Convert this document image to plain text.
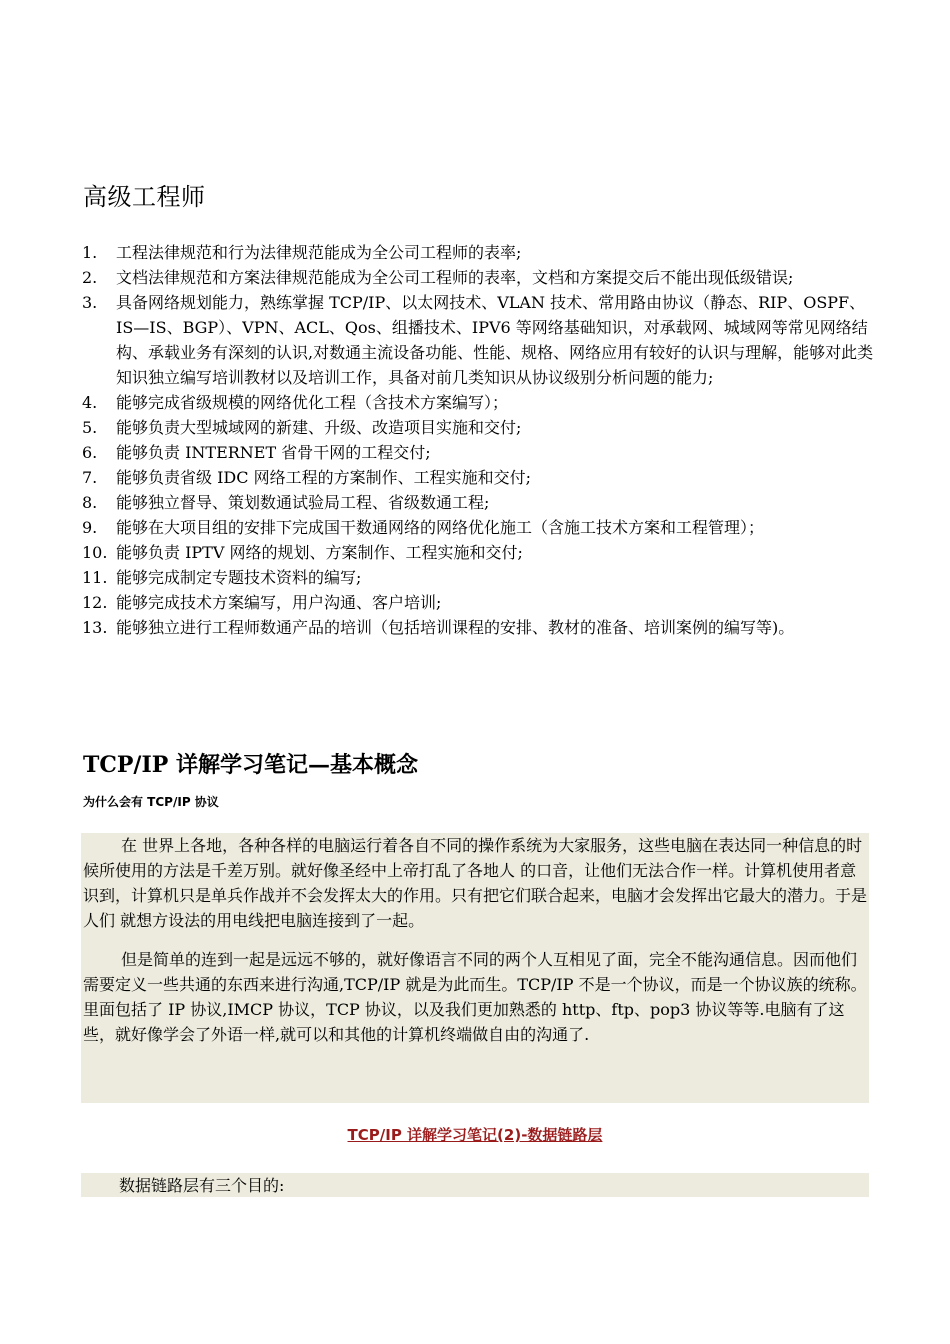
高级工程师
1. 工程法律规范和行为法律规范能成为全公司工程师的表率;
2. 文档法律规范和方案法律规范能成为全公司工程师的表率，文档和方案提交后不能出现低级错误;
3. 具备网络规划能力，熟练掌握 TCP/IP、以太网技术、VLAN 技术、常用路由协议（静态、RIP、OSPF、IS—IS、BGP）、VPN、ACL、Qos、组播技术、IPV6 等网络基础知识，对承载网、城域网等常见网络结构、承载业务有深刻的认识,对数通主流设备功能、性能、规格、网络应用有较好的认识与理解，能够对此类知识独立编写培训教材以及培训工作，具备对前几类知识从协议级别分析问题的能力;
4. 能够完成省级规模的网络优化工程（含技术方案编写）；
5. 能够负责大型城域网的新建、升级、改造项目实施和交付;
6. 能够负责 INTERNET 省骨干网的工程交付;
7. 能够负责省级 IDC 网络工程的方案制作、工程实施和交付;
8. 能够独立督导、策划数通试验局工程、省级数通工程;
9. 能够在大项目组的安排下完成国干数通网络的网络优化施工（含施工技术方案和工程管理）；
10. 能够负责 IPTV 网络的规划、方案制作、工程实施和交付;
11. 能够完成制定专题技术资料的编写;
12. 能够完成技术方案编写，用户沟通、客户培训;
13. 能够独立进行工程师数通产品的培训（包括培训课程的安排、教材的准备、培训案例的编写等)。
TCP/IP 详解学习笔记—基本概念
为什么会有 TCP/IP 协议

在 世界上各地，各种各样的电脑运行着各自不同的操作系统为大家服务，这些电脑在表达同一种信息的时候所使用的方法是千差万别。就好像圣经中上帝打乱了各地人 的口音，让他们无法合作一样。计算机使用者意识到，计算机只是单兵作战并不会发挥太大的作用。只有把它们联合起来，电脑才会发挥出它最大的潜力。于是人们 就想方设法的用电线把电脑连接到了一起。

但是简单的连到一起是远远不够的，就好像语言不同的两个人互相见了面，完全不能沟通信息。因而他们需要定义一些共通的东西来进行沟通,TCP/IP 就是为此而生。TCP/IP 不是一个协议，而是一个协议族的统称。里面包括了 IP 协议,IMCP 协议，TCP 协议，以及我们更加熟悉的 http、ftp、pop3 协议等等.电脑有了这些，就好像学会了外语一样,就可以和其他的计算机终端做自由的沟通了.

TCP/IP 详解学习笔记(2)-数据链路层

数据链路层有三个目的:
